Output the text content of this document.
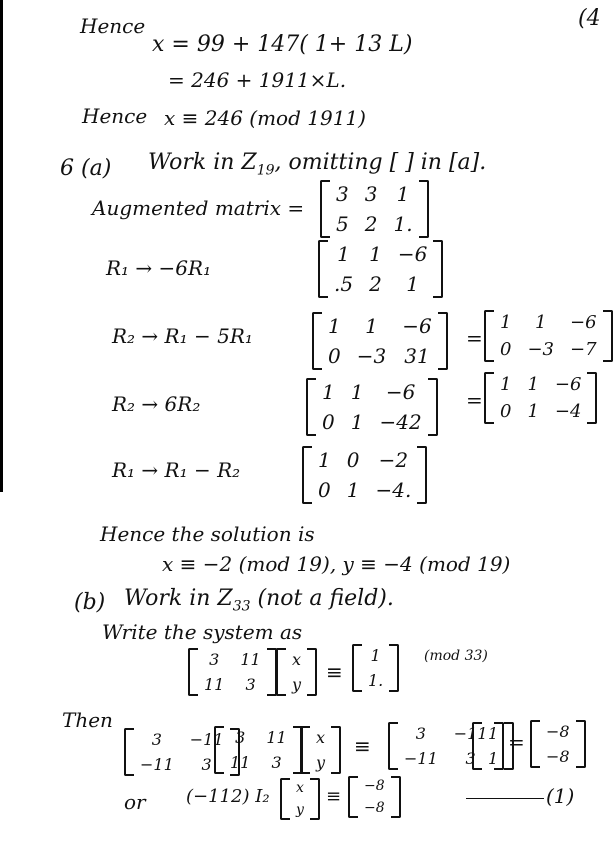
(4
Hence
x = 99 + 147( 1+ 13 L)
= 246 + 1911×L.
Hence x ≡ 246 (mod 1911)
6 (a) Work in $Z_{19}$, omitting [ ] in [a].
Augmented matrix =
3 3 1
5 2 1.
R₁ → −6R₁
1 1 −6
.5 2	1
R₂ → R₁ − 5R₁	1	1	−6
0 −3 31
=
1	1	−6
0 −3 −7
R₂ → 6R₂	1 1	−6
0 1 −42
=
1 1 −6
0 1 −4
R₁ → R₁ − R₂	1 0 −2
0 1 −4.
Hence the solution is
x ≡ −2 (mod 19), y ≡ −4 (mod 19)
(b) Work in $Z_{33}$ (not a field).
Write the system as
3	11
11	3
x
y
≡
1
1.
(mod 33)
Then
3	−11
−11	3
3	11
11	3
x
y
≡
3	−11
−11	3
1
1
= −8
−8
or (−112) I₂ x
y
≡ −8
−8	(1)
